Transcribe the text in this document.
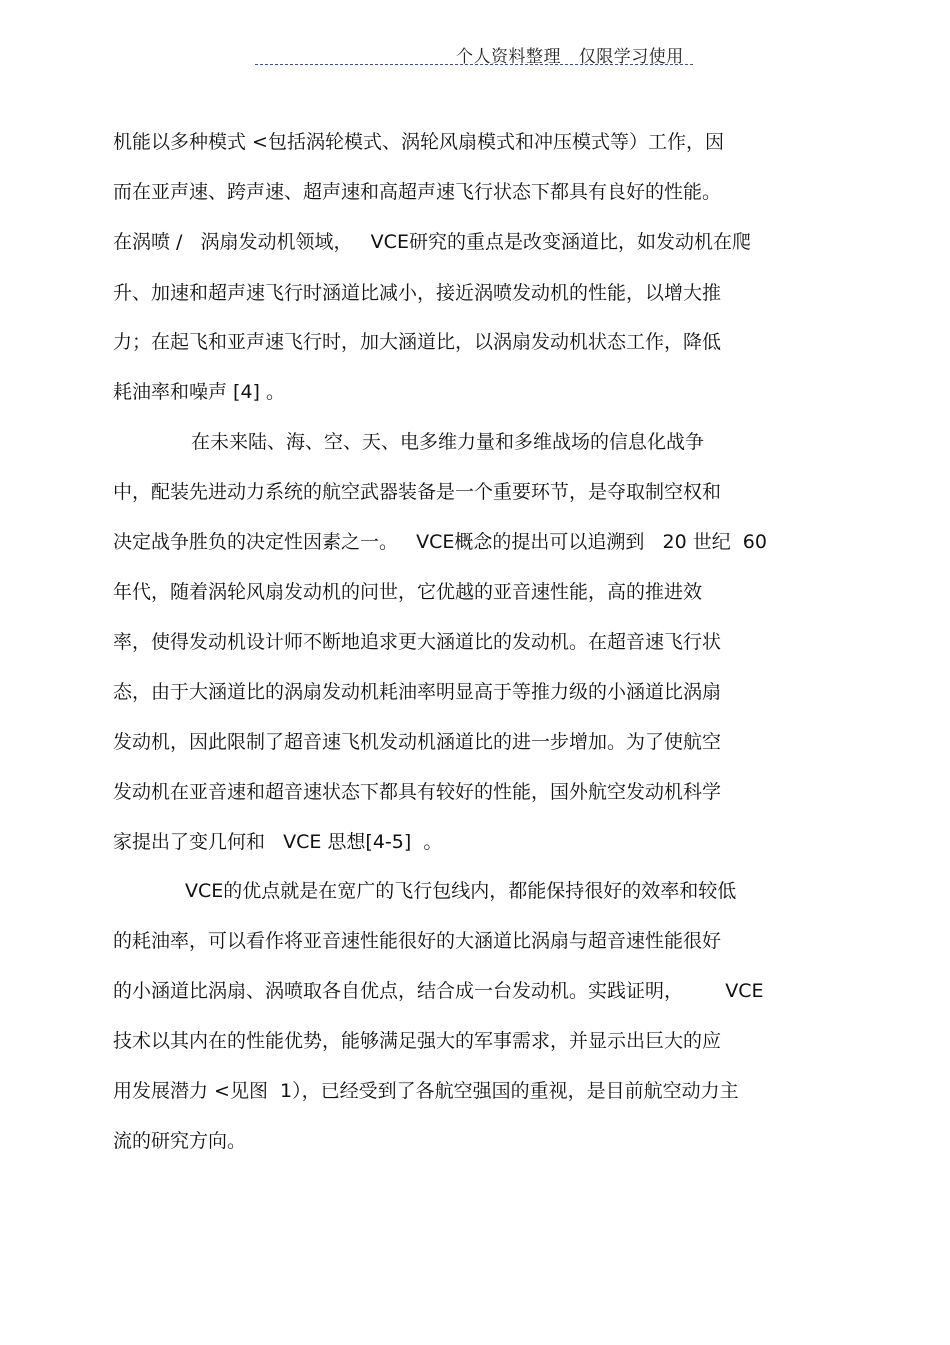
个人资料整理   仅限学习使用
机能以多种模式 <包括涡轮模式、涡轮风扇模式和冲压模式等）工作，因
而在亚声速、跨声速、超声速和高超声速飞行状态下都具有良好的性能。
在涡喷 /   涡扇发动机领域，   VCE研究的重点是改变涵道比，如发动机在爬
升、加速和超声速飞行时涵道比减小，接近涡喷发动机的性能，以增大推
力；在起飞和亚声速飞行时，加大涵道比，以涡扇发动机状态工作，降低
耗油率和噪声 [4] 。
在未来陆、海、空、天、电多维力量和多维战场的信息化战争
中，配装先进动力系统的航空武器装备是一个重要环节，是夺取制空权和
决定战争胜负的决定性因素之一。   VCE概念的提出可以追溯到   20 世纪  60
年代，随着涡轮风扇发动机的问世，它优越的亚音速性能，高的推进效
率，使得发动机设计师不断地追求更大涵道比的发动机。在超音速飞行状
态，由于大涵道比的涡扇发动机耗油率明显高于等推力级的小涵道比涡扇
发动机，因此限制了超音速飞机发动机涵道比的进一步增加。为了使航空
发动机在亚音速和超音速状态下都具有较好的性能，国外航空发动机科学
家提出了变几何和   VCE 思想[4-5]  。
VCE的优点就是在宽广的飞行包线内，都能保持很好的效率和较低
的耗油率，可以看作将亚音速性能很好的大涵道比涡扇与超音速性能很好
的小涵道比涡扇、涡喷取各自优点，结合成一台发动机。实践证明，       VCE
技术以其内在的性能优势，能够满足强大的军事需求，并显示出巨大的应
用发展潜力 <见图  1），已经受到了各航空强国的重视，是目前航空动力主
流的研究方向。
